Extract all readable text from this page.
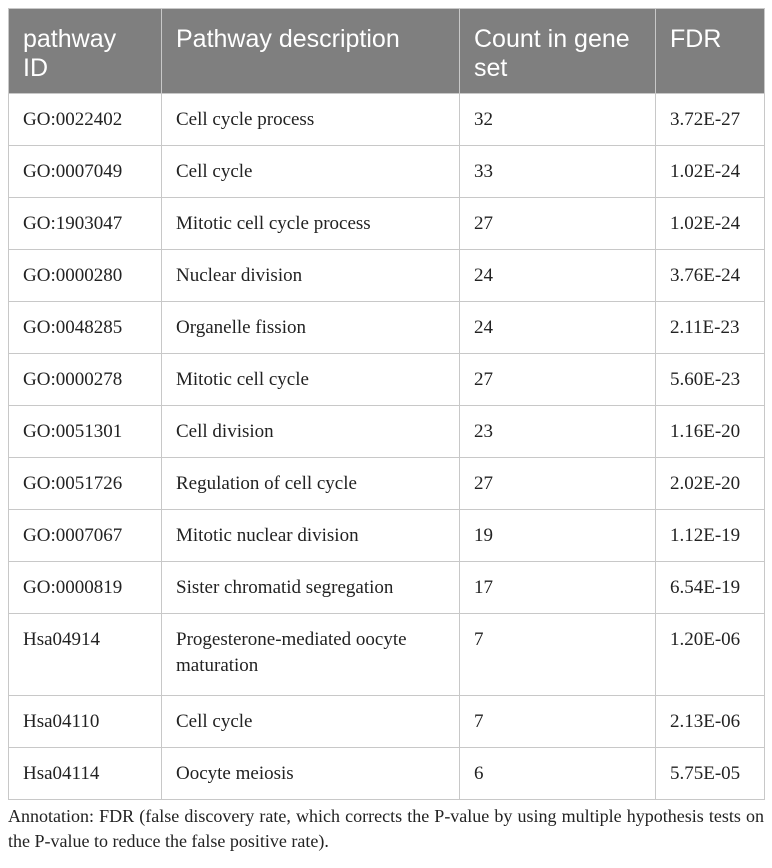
pathway ID	Pathway description	Count in gene set	FDR
GO:0022402	Cell cycle process	32	3.72E-27
GO:0007049	Cell cycle	33	1.02E-24
GO:1903047	Mitotic cell cycle process	27	1.02E-24
GO:0000280	Nuclear division	24	3.76E-24
GO:0048285	Organelle fission	24	2.11E-23
GO:0000278	Mitotic cell cycle	27	5.60E-23
GO:0051301	Cell division	23	1.16E-20
GO:0051726	Regulation of cell cycle	27	2.02E-20
GO:0007067	Mitotic nuclear division	19	1.12E-19
GO:0000819	Sister chromatid segregation	17	6.54E-19
Hsa04914	Progesterone-mediated oocyte maturation	7	1.20E-06
Hsa04110	Cell cycle	7	2.13E-06
Hsa04114	Oocyte meiosis	6	5.75E-05

Annotation: FDR (false discovery rate, which corrects the P-value by using multiple hypothesis tests on the P-value to reduce the false positive rate).
